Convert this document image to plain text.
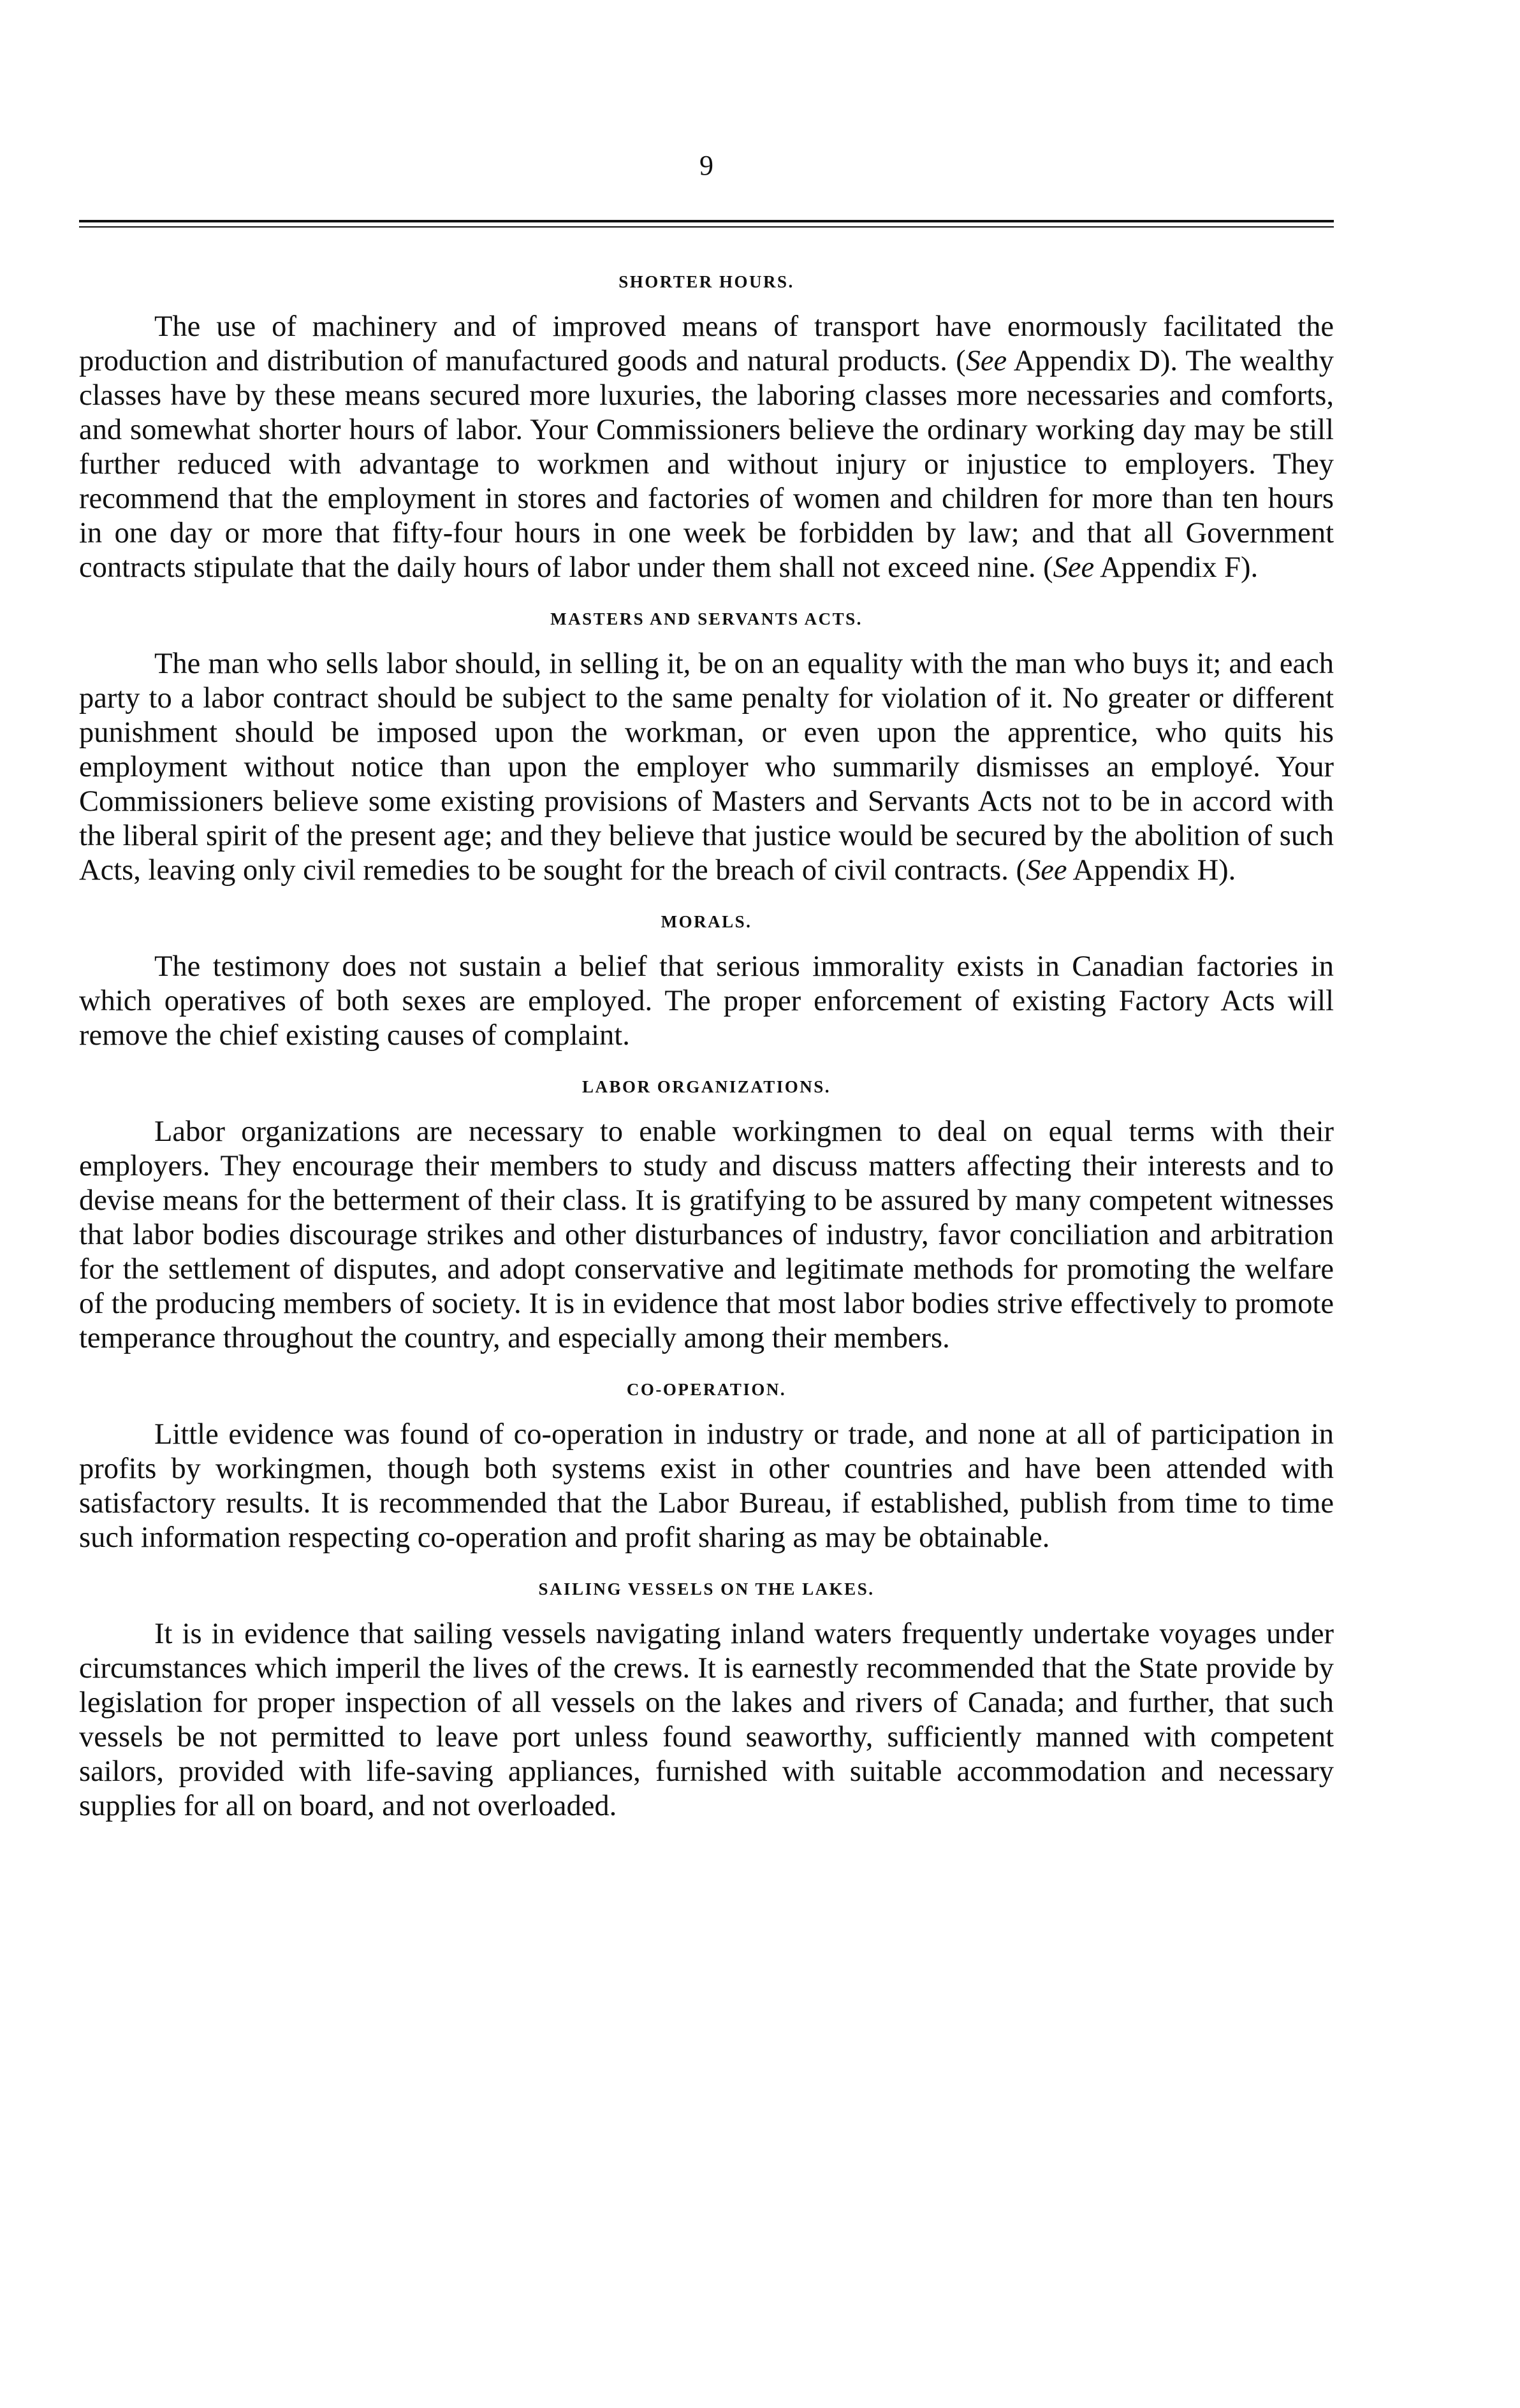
9
SHORTER HOURS.

The use of machinery and of improved means of transport have enormously facilitated the production and distribution of manufactured goods and natural products. (See Appendix D). The wealthy classes have by these means secured more luxuries, the laboring classes more necessaries and comforts, and somewhat shorter hours of labor. Your Commissioners believe the ordinary working day may be still further reduced with advantage to workmen and without injury or injustice to employers. They recommend that the employment in stores and factories of women and children for more than ten hours in one day or more that fifty-four hours in one week be forbidden by law; and that all Government contracts stipulate that the daily hours of labor under them shall not exceed nine. (See Appendix F).

MASTERS AND SERVANTS ACTS.

The man who sells labor should, in selling it, be on an equality with the man who buys it; and each party to a labor contract should be subject to the same penalty for violation of it. No greater or different punishment should be imposed upon the workman, or even upon the apprentice, who quits his employment without notice than upon the employer who summarily dismisses an employé. Your Commissioners believe some existing provisions of Masters and Servants Acts not to be in accord with the liberal spirit of the present age; and they believe that justice would be secured by the abolition of such Acts, leaving only civil remedies to be sought for the breach of civil contracts. (See Appendix H).

MORALS.

The testimony does not sustain a belief that serious immorality exists in Canadian factories in which operatives of both sexes are employed. The proper enforcement of existing Factory Acts will remove the chief existing causes of complaint.

LABOR ORGANIZATIONS.

Labor organizations are necessary to enable workingmen to deal on equal terms with their employers. They encourage their members to study and discuss matters affecting their interests and to devise means for the betterment of their class. It is gratifying to be assured by many competent witnesses that labor bodies discourage strikes and other disturbances of industry, favor conciliation and arbitration for the settlement of disputes, and adopt conservative and legitimate methods for promoting the welfare of the producing members of society. It is in evidence that most labor bodies strive effectively to promote temperance throughout the country, and especially among their members.

CO-OPERATION.

Little evidence was found of co-operation in industry or trade, and none at all of participation in profits by workingmen, though both systems exist in other countries and have been attended with satisfactory results. It is recommended that the Labor Bureau, if established, publish from time to time such information respecting co-operation and profit sharing as may be obtainable.

SAILING VESSELS ON THE LAKES.

It is in evidence that sailing vessels navigating inland waters frequently undertake voyages under circumstances which imperil the lives of the crews. It is earnestly recommended that the State provide by legislation for proper inspection of all vessels on the lakes and rivers of Canada; and further, that such vessels be not permitted to leave port unless found seaworthy, sufficiently manned with competent sailors, provided with life-saving appliances, furnished with suitable accommodation and necessary supplies for all on board, and not overloaded.
